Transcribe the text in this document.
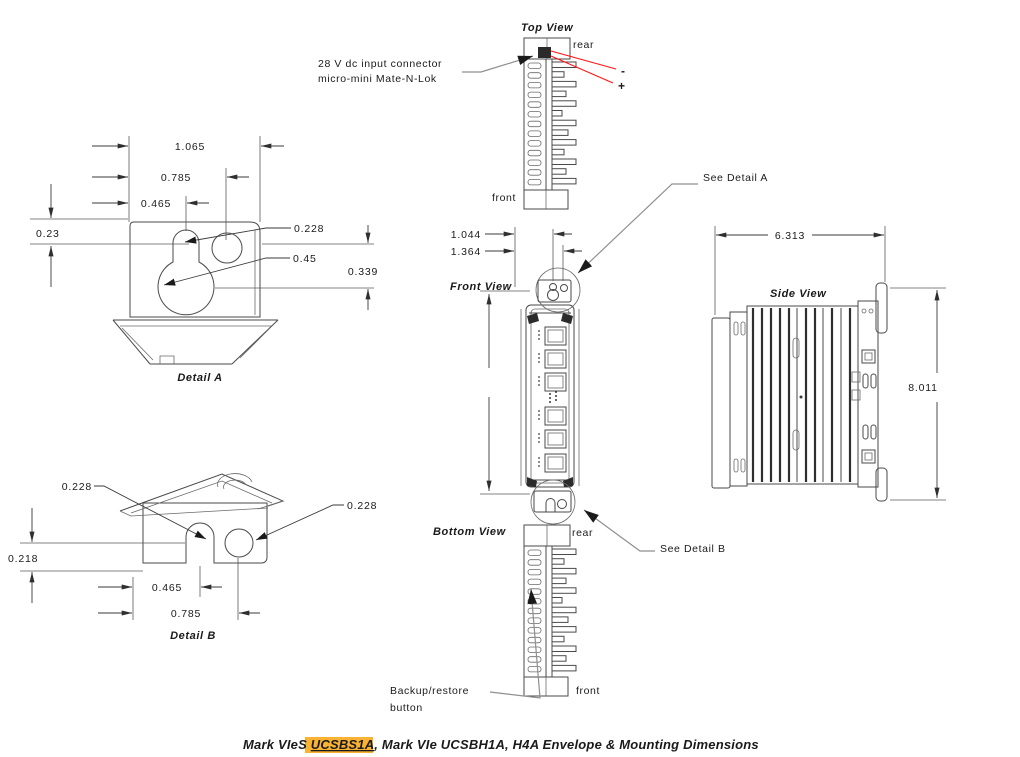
Top View
rear
front
-
+
28 V dc input connector
micro-mini Mate-N-Lok
1.065
0.785
0.465
0.23	0.228
0.45
0.339
Detail A
1.044
1.364
Front View
See Detail A
See Detail B
6.313
8.011
Side View
Bottom View	rear
front
Backup/restore
button
0.228
0.228
0.218
0.465
0.785
Detail B
Mark VIeS UCSBS1A, Mark VIe UCSBH1A, H4A Envelope & Mounting Dimensions
